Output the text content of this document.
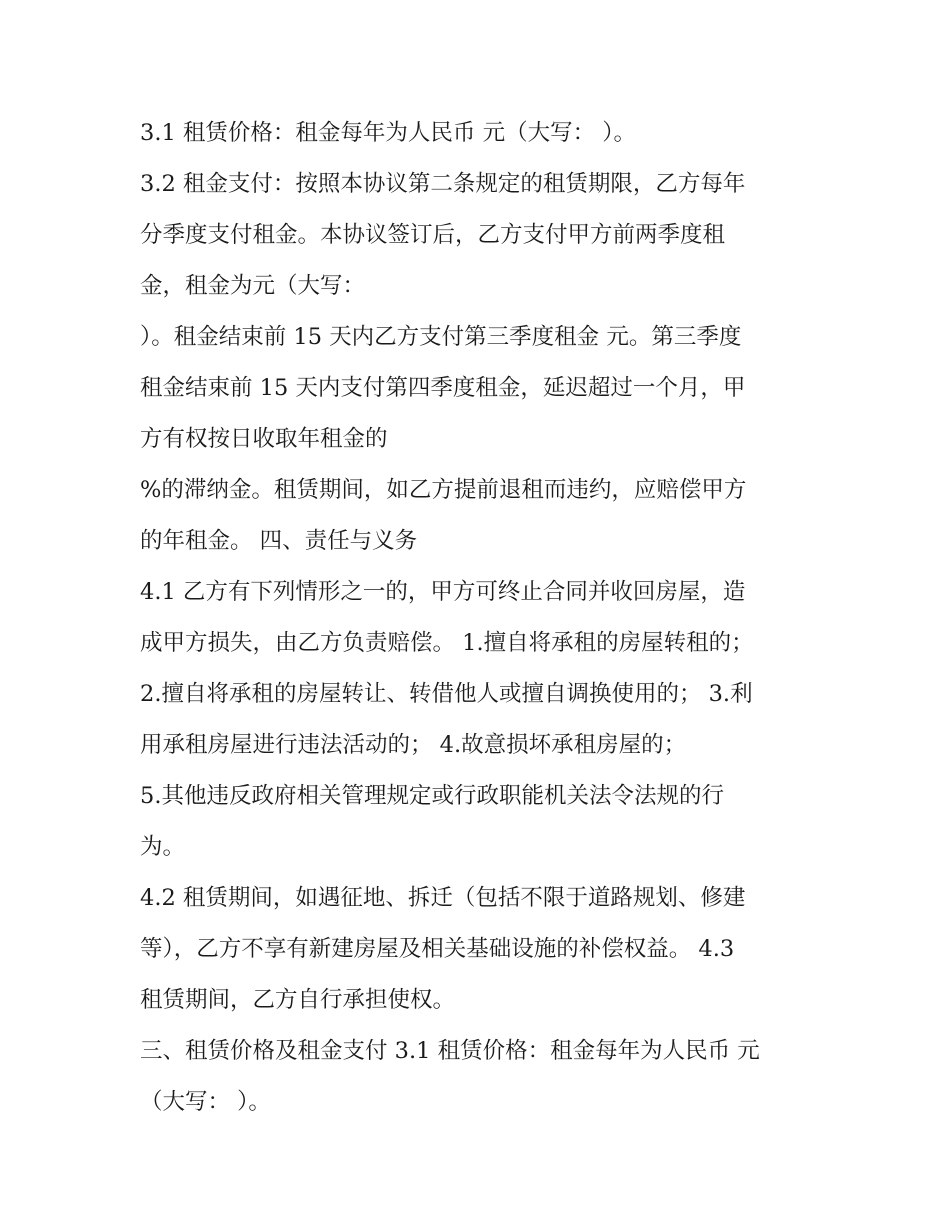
3.1 租赁价格：租金每年为人民币 元（大写： ）。
3.2 租金支付：按照本协议第二条规定的租赁期限，乙方每年
分季度支付租金。本协议签订后，乙方支付甲方前两季度租
金，租金为元（大写：
）。租金结束前 15 天内乙方支付第三季度租金 元。第三季度
租金结束前 15 天内支付第四季度租金，延迟超过一个月，甲
方有权按日收取年租金的
%的滞纳金。租赁期间，如乙方提前退租而违约，应赔偿甲方
的年租金。 四、责任与义务
4.1 乙方有下列情形之一的，甲方可终止合同并收回房屋，造
成甲方损失，由乙方负责赔偿。 1.擅自将承租的房屋转租的；
2.擅自将承租的房屋转让、转借他人或擅自调换使用的； 3.利
用承租房屋进行违法活动的； 4.故意损坏承租房屋的；
5.其他违反政府相关管理规定或行政职能机关法令法规的行
为。
4.2 租赁期间，如遇征地、拆迁（包括不限于道路规划、修建
等），乙方不享有新建房屋及相关基础设施的补偿权益。 4.3
租赁期间，乙方自行承担使权。
三、租赁价格及租金支付 3.1 租赁价格：租金每年为人民币 元
（大写： ）。
